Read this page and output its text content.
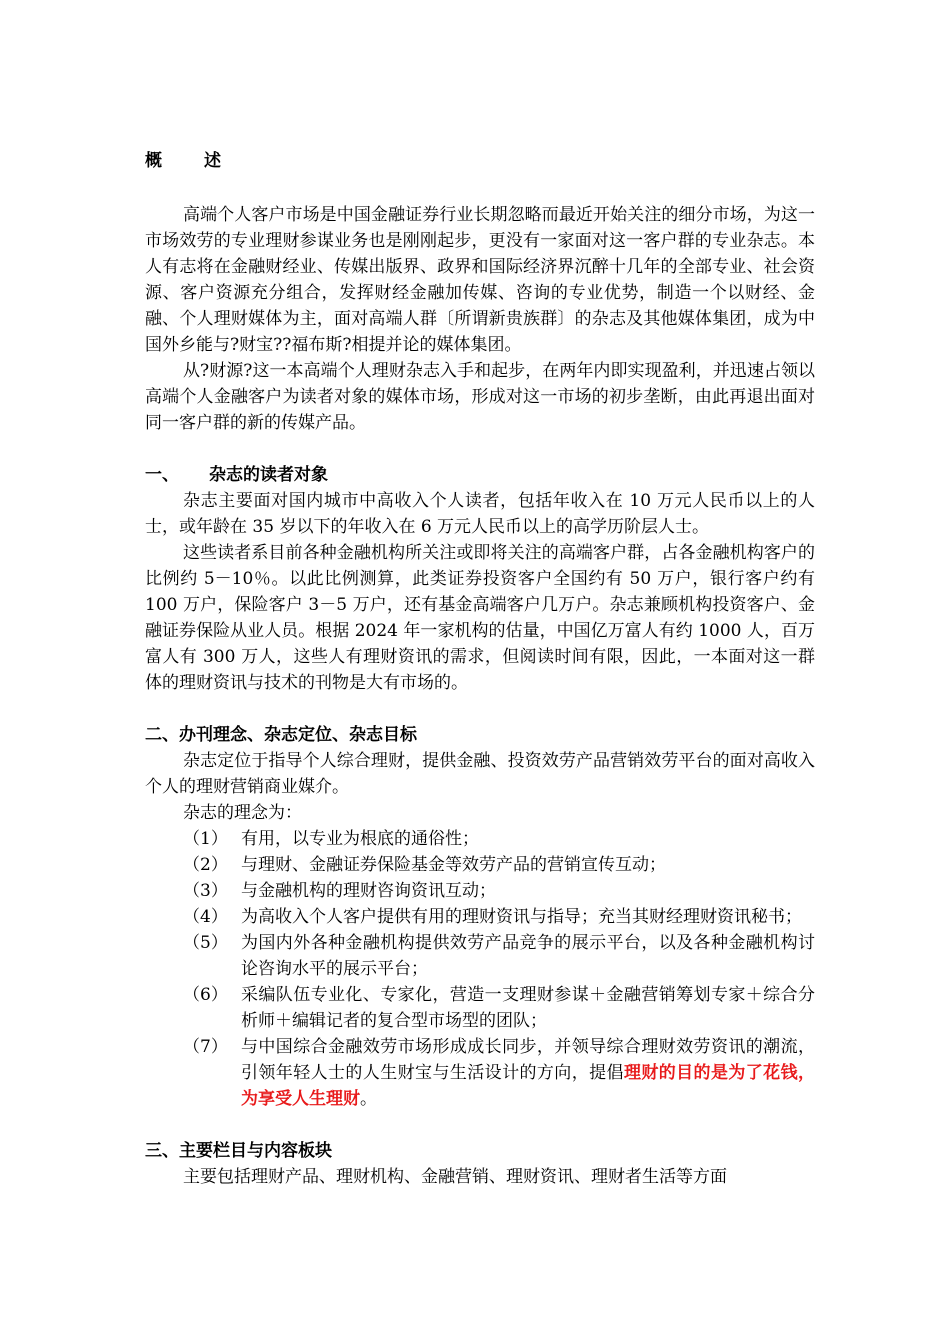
概 述

高端个人客户市场是中国金融证券行业长期忽略而最近开始关注的细分市场，为这一市场效劳的专业理财参谋业务也是刚刚起步，更没有一家面对这一客户群的专业杂志。本人有志将在金融财经业、传媒出版界、政界和国际经济界沉醉十几年的全部专业、社会资源、客户资源充分组合，发挥财经金融加传媒、咨询的专业优势，制造一个以财经、金融、个人理财媒体为主，面对高端人群〔所谓新贵族群〕的杂志及其他媒体集团，成为中国外乡能与?财宝??福布斯?相提并论的媒体集团。

从?财源?这一本高端个人理财杂志入手和起步，在两年内即实现盈利，并迅速占领以高端个人金融客户为读者对象的媒体市场，形成对这一市场的初步垄断，由此再退出面对同一客户群的新的传媒产品。

一、 杂志的读者对象

杂志主要面对国内城市中高收入个人读者，包括年收入在 10 万元人民币以上的人士，或年龄在 35 岁以下的年收入在 6 万元人民币以上的高学历阶层人士。

这些读者系目前各种金融机构所关注或即将关注的高端客户群，占各金融机构客户的比例约 5－10％。以此比例测算，此类证券投资客户全国约有 50 万户，银行客户约有 100 万户，保险客户 3－5 万户，还有基金高端客户几万户。杂志兼顾机构投资客户、金融证券保险从业人员。根据 2024 年一家机构的估量，中国亿万富人有约 1000 人，百万富人有 300 万人，这些人有理财资讯的需求，但阅读时间有限，因此，一本面对这一群体的理财资讯与技术的刊物是大有市场的。

二、办刊理念、杂志定位、杂志目标

杂志定位于指导个人综合理财，提供金融、投资效劳产品营销效劳平台的面对高收入个人的理财营销商业媒介。

杂志的理念为：

（1） 有用，以专业为根底的通俗性；
（2） 与理财、金融证券保险基金等效劳产品的营销宣传互动；
（3） 与金融机构的理财咨询资讯互动；
（4） 为高收入个人客户提供有用的理财资讯与指导；充当其财经理财资讯秘书；
（5） 为国内外各种金融机构提供效劳产品竞争的展示平台，以及各种金融机构讨论咨询水平的展示平台；
（6） 采编队伍专业化、专家化，营造一支理财参谋＋金融营销筹划专家＋综合分析师＋编辑记者的复合型市场型的团队；
（7） 与中国综合金融效劳市场形成成长同步，并领导综合理财效劳资讯的潮流，引领年轻人士的人生财宝与生活设计的方向，提倡理财的目的是为了花钱，为享受人生理财。
三、主要栏目与内容板块

主要包括理财产品、理财机构、金融营销、理财资讯、理财者生活等方面
